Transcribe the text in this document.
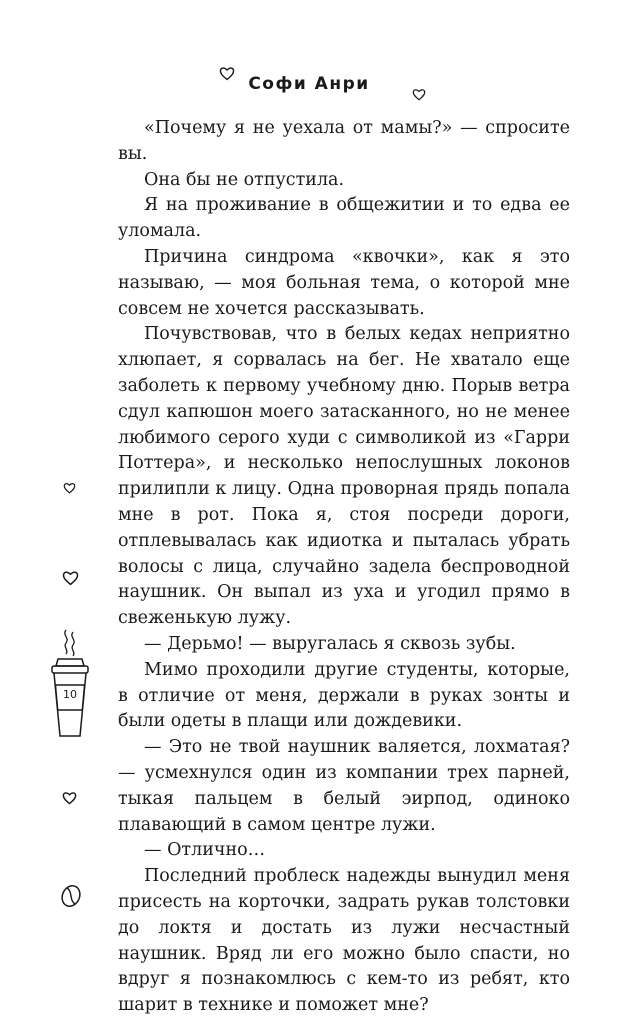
Софи Анри
10

«Почему я не уехала от мамы?» — спросите вы.

Она бы не отпустила.

Я на проживание в общежитии и то едва ее уломала.

Причина синдрома «квочки», как я это называю, — моя больная тема, о которой мне совсем не хочется рассказывать.

Почувствовав, что в белых кедах неприятно хлюпает, я сорвалась на бег. Не хватало еще заболеть к первому учебному дню. Порыв ветра сдул капюшон моего затасканного, но не менее любимого серого худи с символикой из «Гарри Поттера», и несколько непослушных локонов прилипли к лицу. Одна проворная прядь попала мне в рот. Пока я, стоя посреди дороги, отплевывалась как идиотка и пыталась убрать волосы с лица, случайно задела беспроводной наушник. Он выпал из уха и угодил прямо в свеженькую лужу.

— Дерьмо! — выругалась я сквозь зубы.

Мимо проходили другие студенты, которые, в отличие от меня, держали в руках зонты и были одеты в плащи или дождевики.

— Это не твой наушник валяется, лохматая? — усмехнулся один из компании трех парней, тыкая пальцем в белый эирпод, одиноко плавающий в самом центре лужи.

— Отлично…

Последний проблеск надежды вынудил меня присесть на корточки, задрать рукав толстовки до локтя и достать из лужи несчастный наушник. Вряд ли его можно было спасти, но вдруг я познакомлюсь с кем-то из ребят, кто шарит в технике и поможет мне?
